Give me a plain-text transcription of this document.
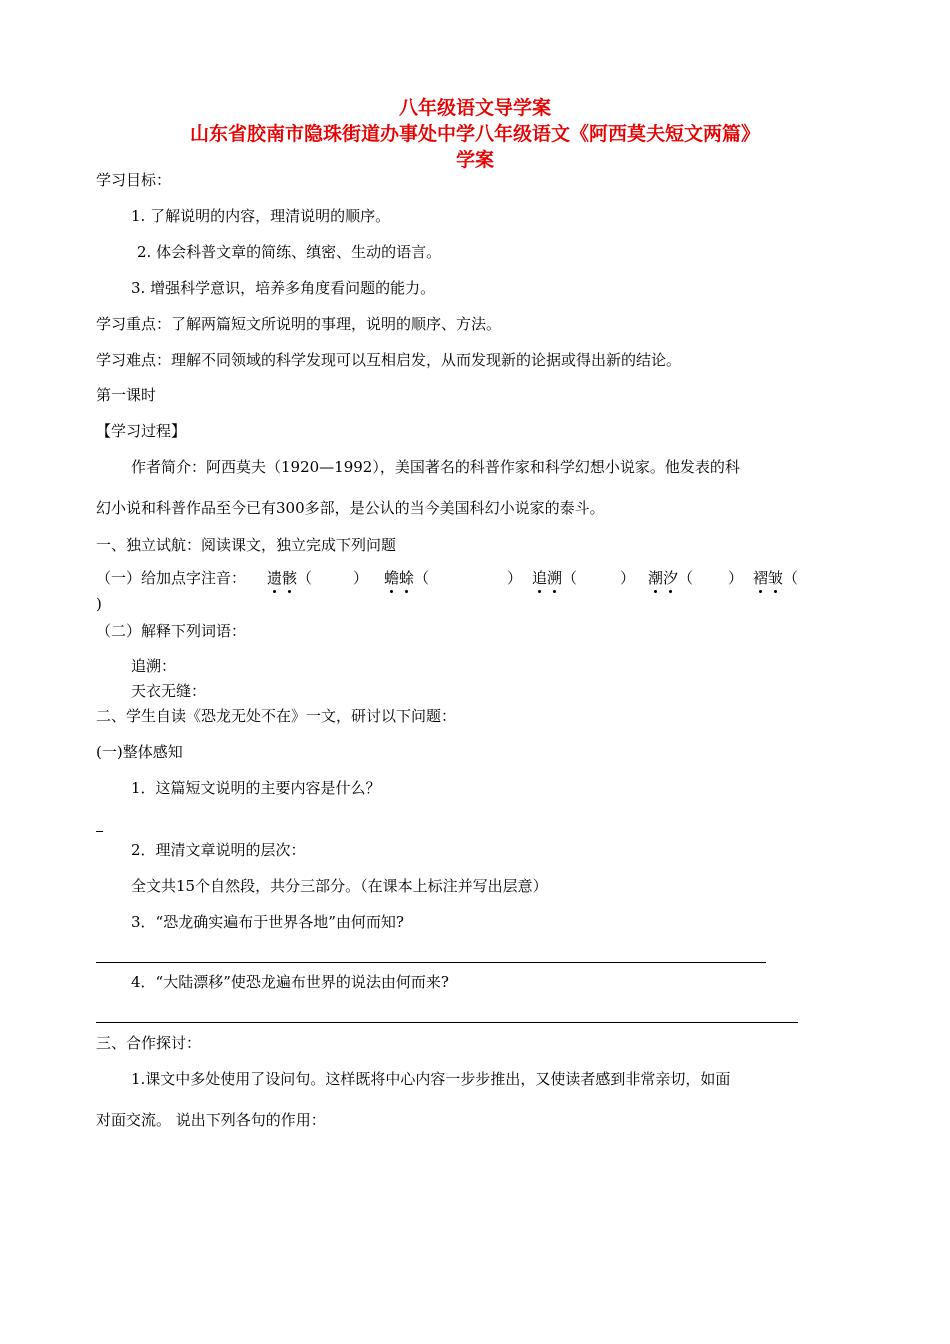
八年级语文导学案
山东省胶南市隐珠街道办事处中学八年级语文《阿西莫夫短文两篇》
学案
学习目标：
1. 了解说明的内容，理清说明的顺序。
2. 体会科普文章的简练、缜密、生动的语言。
3. 增强科学意识，培养多角度看问题的能力。
学习重点：了解两篇短文所说明的事理，说明的顺序、方法。
学习难点：理解不同领域的科学发现可以互相启发，从而发现新的论据或得出新的结论。
第一课时
【学习过程】
作者简介：阿西莫夫（1920—1992），美国著名的科普作家和科学幻想小说家。他发表的科
幻小说和科普作品至今已有300多部，是公认的当今美国科幻小说家的泰斗。
一、独立试航：阅读课文，独立完成下列问题
（一）给加点字注音： 遗骸（	） 蟾蜍（	） 追溯（	） 潮汐（ ） 褶皱（
)
（二）解释下列词语：
追溯：
天衣无缝：
二、学生自读《恐龙无处不在》一文，研讨以下问题：
(一)整体感知
1．这篇短文说明的主要内容是什么？
2．理清文章说明的层次：
全文共15个自然段，共分三部分。（在课本上标注并写出层意）
3．“恐龙确实遍布于世界各地”由何而知?
4．“大陆漂移”使恐龙遍布世界的说法由何而来?
三、合作探讨：
1.课文中多处使用了设问句。这样既将中心内容一步步推出，又使读者感到非常亲切，如面
对面交流。 说出下列各句的作用：
